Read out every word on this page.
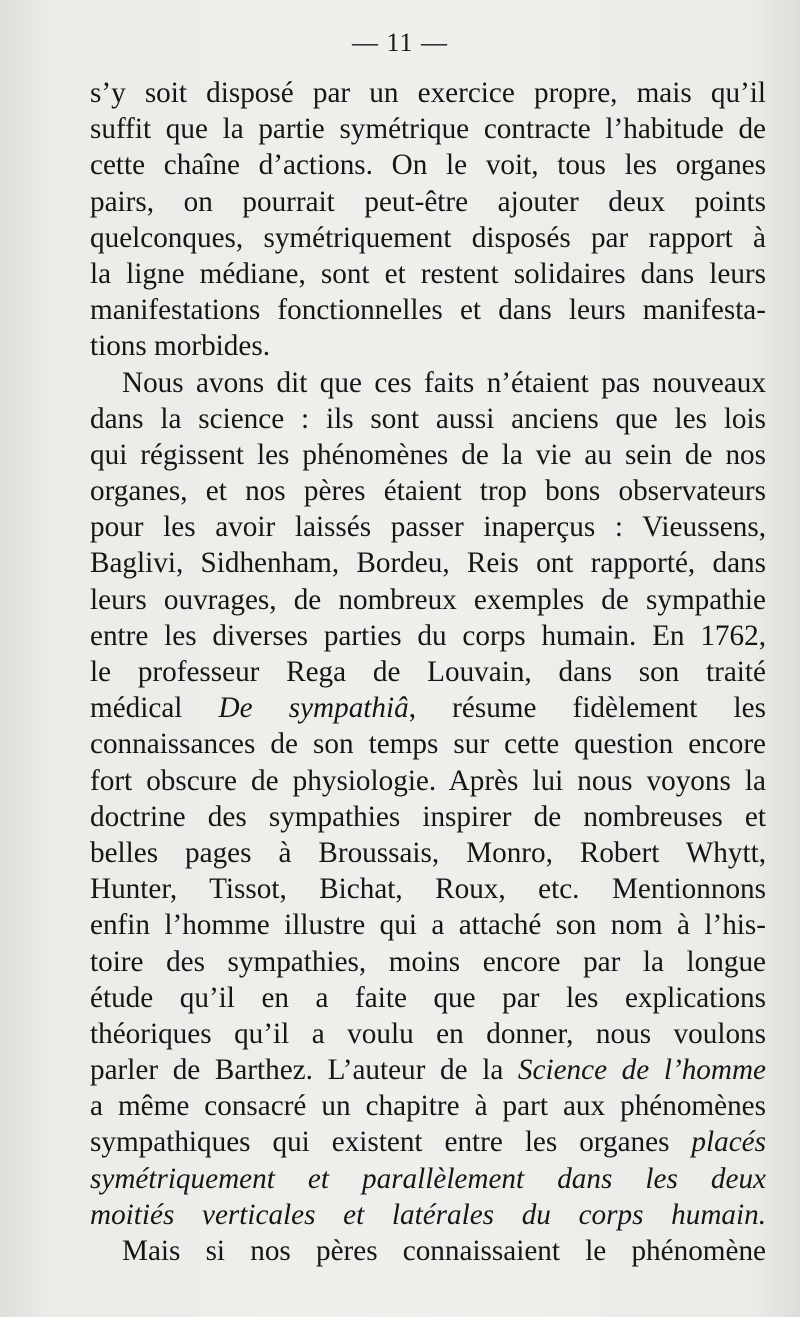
— 11 —
s’y soit disposé par un exercice propre, mais qu’il
suffit que la partie symétrique contracte l’habitude de
cette chaîne d’actions. On le voit, tous les organes
pairs, on pourrait peut-être ajouter deux points
quelconques, symétriquement disposés par rapport à
la ligne médiane, sont et restent solidaires dans leurs
manifestations fonctionnelles et dans leurs manifesta-
tions morbides.
Nous avons dit que ces faits n’étaient pas nouveaux
dans la science : ils sont aussi anciens que les lois
qui régissent les phénomènes de la vie au sein de nos
organes, et nos pères étaient trop bons observateurs
pour les avoir laissés passer inaperçus : Vieussens,
Baglivi, Sidhenham, Bordeu, Reis ont rapporté, dans
leurs ouvrages, de nombreux exemples de sympathie
entre les diverses parties du corps humain. En 1762,
le professeur Rega de Louvain, dans son traité
médical De sympathiâ, résume fidèlement les
connaissances de son temps sur cette question encore
fort obscure de physiologie. Après lui nous voyons la
doctrine des sympathies inspirer de nombreuses et
belles pages à Broussais, Monro, Robert Whytt,
Hunter, Tissot, Bichat, Roux, etc. Mentionnons
enfin l’homme illustre qui a attaché son nom à l’his-
toire des sympathies, moins encore par la longue
étude qu’il en a faite que par les explications
théoriques qu’il a voulu en donner, nous voulons
parler de Barthez. L’auteur de la Science de l’homme
a même consacré un chapitre à part aux phénomènes
sympathiques qui existent entre les organes placés
symétriquement et parallèlement dans les deux
moitiés verticales et latérales du corps humain.
Mais si nos pères connaissaient le phénomène
